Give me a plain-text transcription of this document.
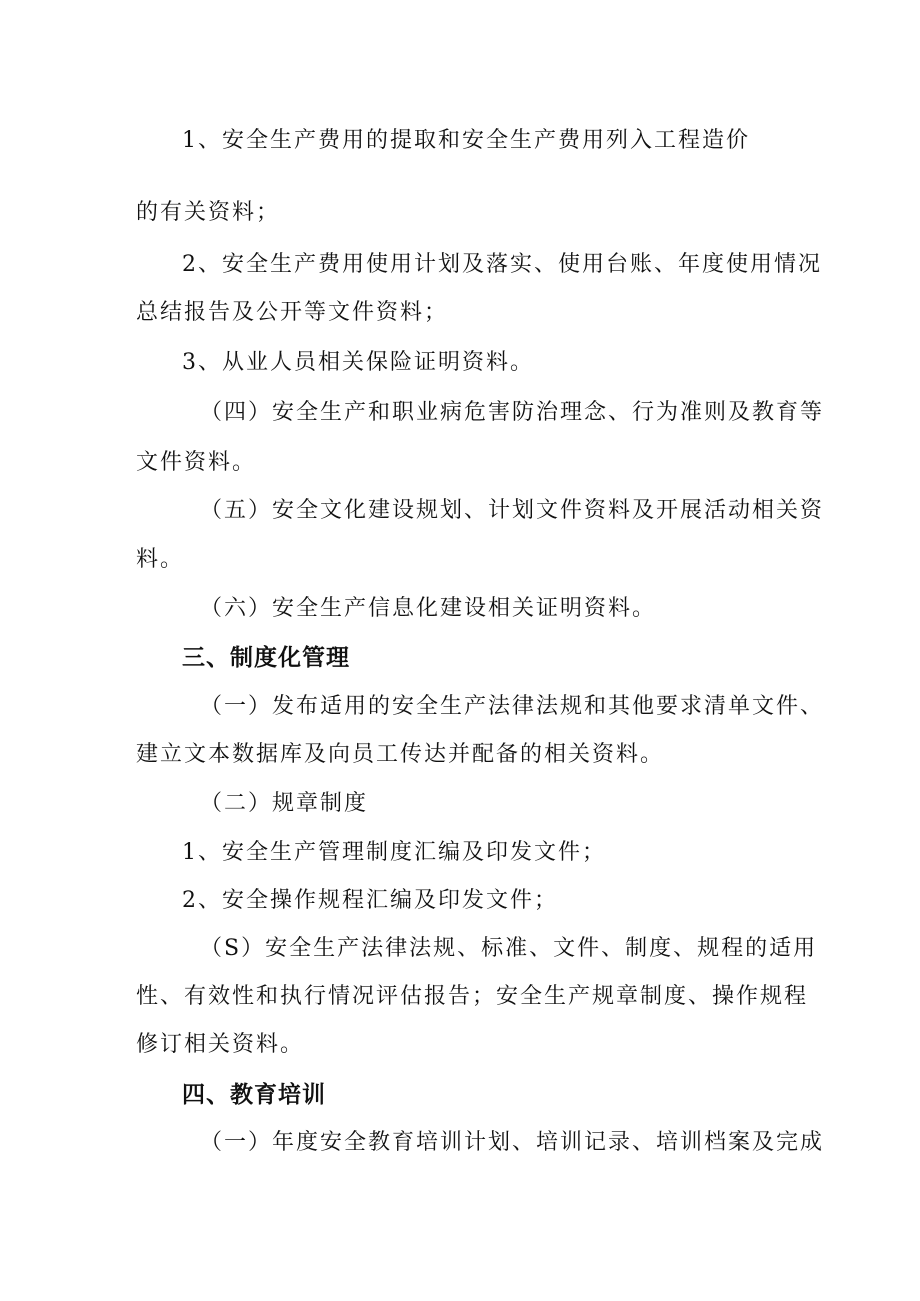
1、安全生产费用的提取和安全生产费用列入工程造价
的有关资料；
2、安全生产费用使用计划及落实、使用台账、年度使用情况
总结报告及公开等文件资料；
3、从业人员相关保险证明资料。
（四）安全生产和职业病危害防治理念、行为准则及教育等
文件资料。
（五）安全文化建设规划、计划文件资料及开展活动相关资
料。
（六）安全生产信息化建设相关证明资料。
三、制度化管理
（一）发布适用的安全生产法律法规和其他要求清单文件、
建立文本数据库及向员工传达并配备的相关资料。
（二）规章制度
1、安全生产管理制度汇编及印发文件；
2、安全操作规程汇编及印发文件；
（S）安全生产法律法规、标准、文件、制度、规程的适用
性、有效性和执行情况评估报告；安全生产规章制度、操作规程
修订相关资料。
四、教育培训
（一）年度安全教育培训计划、培训记录、培训档案及完成
